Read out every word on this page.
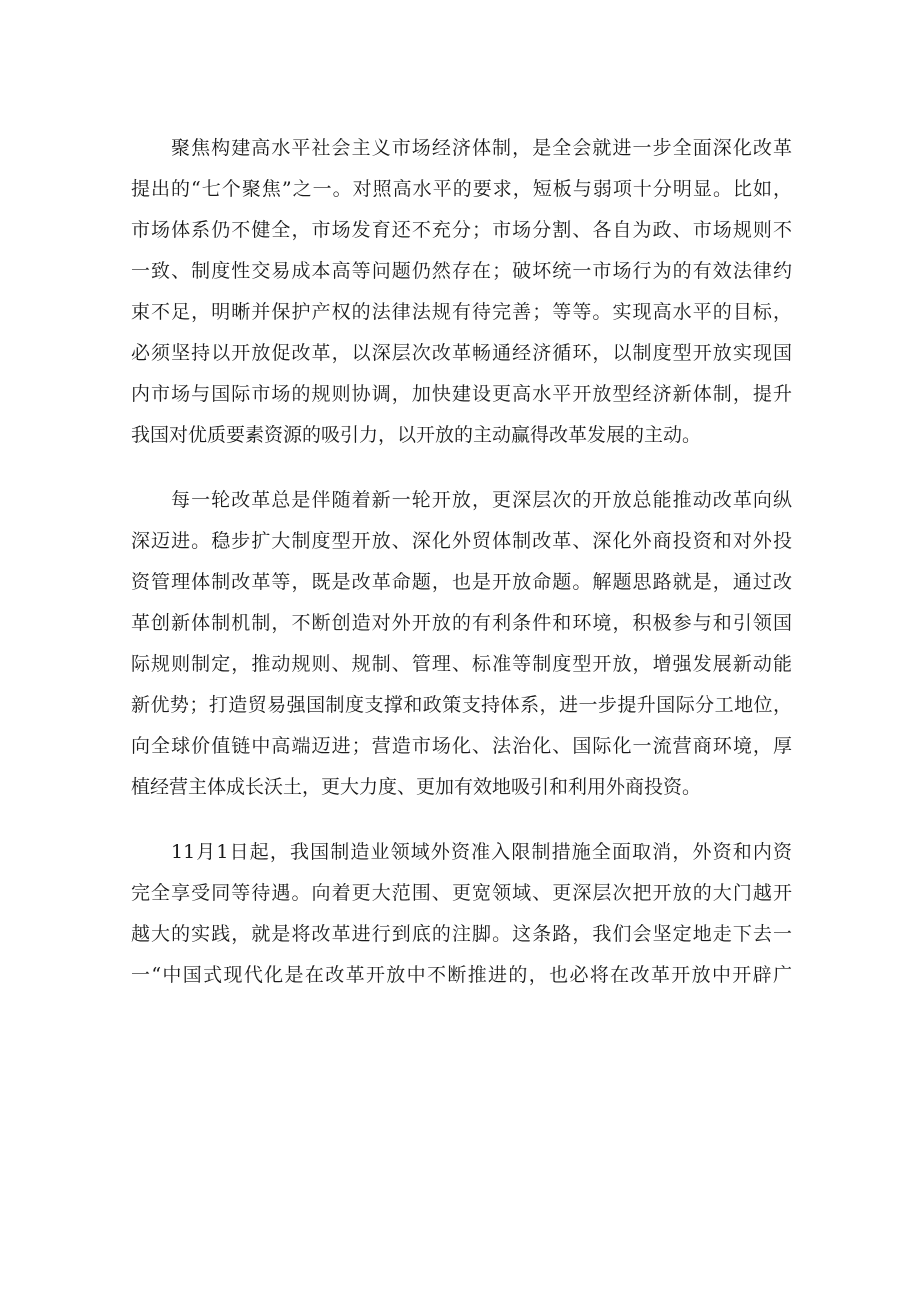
聚焦构建高水平社会主义市场经济体制，是全会就进一步全面深化改革
提出的“七个聚焦”之一。对照高水平的要求，短板与弱项十分明显。比如，
市场体系仍不健全，市场发育还不充分；市场分割、各自为政、市场规则不
一致、制度性交易成本高等问题仍然存在；破坏统一市场行为的有效法律约
束不足，明晰并保护产权的法律法规有待完善；等等。实现高水平的目标，
必须坚持以开放促改革，以深层次改革畅通经济循环，以制度型开放实现国
内市场与国际市场的规则协调，加快建设更高水平开放型经济新体制，提升
我国对优质要素资源的吸引力，以开放的主动赢得改革发展的主动。
每一轮改革总是伴随着新一轮开放，更深层次的开放总能推动改革向纵
深迈进。稳步扩大制度型开放、深化外贸体制改革、深化外商投资和对外投
资管理体制改革等，既是改革命题，也是开放命题。解题思路就是，通过改
革创新体制机制，不断创造对外开放的有利条件和环境，积极参与和引领国
际规则制定，推动规则、规制、管理、标准等制度型开放，增强发展新动能
新优势；打造贸易强国制度支撑和政策支持体系，进一步提升国际分工地位，
向全球价值链中高端迈进；营造市场化、法治化、国际化一流营商环境，厚
植经营主体成长沃土，更大力度、更加有效地吸引和利用外商投资。
11月1日起，我国制造业领域外资准入限制措施全面取消，外资和内资
完全享受同等待遇。向着更大范围、更宽领域、更深层次把开放的大门越开
越大的实践，就是将改革进行到底的注脚。这条路，我们会坚定地走下去一
一“中国式现代化是在改革开放中不断推进的，也必将在改革开放中开辟广
